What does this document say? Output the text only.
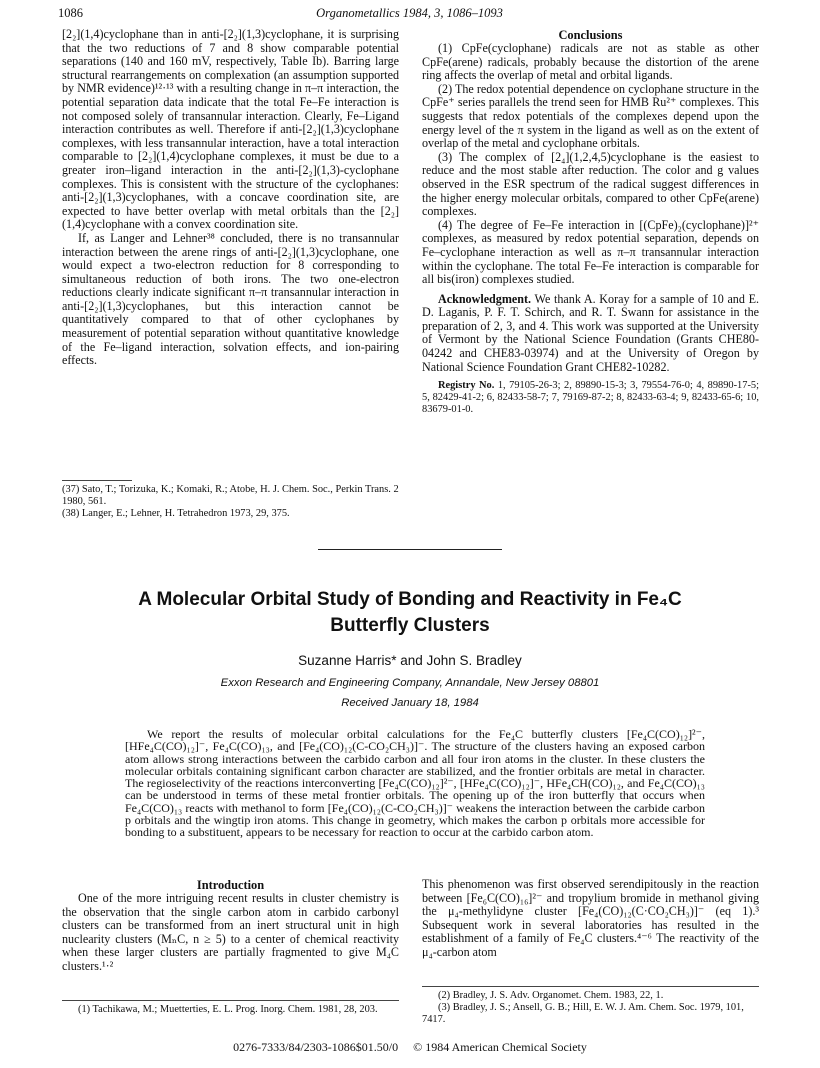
1086	Organometallics 1984, 3, 1086–1093

[2₂](1,4)cyclophane than in anti-[2₂](1,3)cyclophane, it is surprising that the two reductions of 7 and 8 show comparable potential separations (140 and 160 mV, respectively, Table Ib). Barring large structural rearrangements on complexation (an assumption supported by NMR evidence)¹²·¹³ with a resulting change in π–π interaction, the potential separation data indicate that the total Fe–Fe interaction is not composed solely of transannular interaction. Clearly, Fe–Ligand interaction contributes as well. Therefore if anti-[2₂](1,3)cyclophane complexes, with less transannular interaction, have a total interaction comparable to [2₂](1,4)cyclophane complexes, it must be due to a greater iron–ligand interaction in the anti-[2₂](1,3)-cyclophane complexes. This is consistent with the structure of the cyclophanes: anti-[2₂](1,3)cyclophanes, with a concave coordination site, are expected to have better overlap with metal orbitals than the [2₂](1,4)cyclophane with a convex coordination site.

If, as Langer and Lehner³⁸ concluded, there is no transannular interaction between the arene rings of anti-[2₂](1,3)cyclophane, one would expect a two-electron reduction for 8 corresponding to simultaneous reduction of both irons. The two one-electron reductions clearly indicate significant π–π transannular interaction in anti-[2₂](1,3)cyclophanes, but this interaction cannot be quantitatively compared to that of other cyclophanes by measurement of potential separation without quantitative knowledge of the Fe–ligand interaction, solvation effects, and ion-pairing effects.

(37) Sato, T.; Torizuka, K.; Komaki, R.; Atobe, H. J. Chem. Soc., Perkin Trans. 2 1980, 561.
(38) Langer, E.; Lehner, H. Tetrahedron 1973, 29, 375.

Conclusions

(1) CpFe(cyclophane) radicals are not as stable as other CpFe(arene) radicals, probably because the distortion of the arene ring affects the overlap of metal and orbital ligands.

(2) The redox potential dependence on cyclophane structure in the CpFe⁺ series parallels the trend seen for HMB Ru²⁺ complexes. This suggests that redox potentials of the complexes depend upon the energy level of the π system in the ligand as well as on the extent of overlap of the metal and cyclophane orbitals.

(3) The complex of [2₄](1,2,4,5)cyclophane is the easiest to reduce and the most stable after reduction. The color and g values observed in the ESR spectrum of the radical suggest differences in the higher energy molecular orbitals, compared to other CpFe(arene) complexes.

(4) The degree of Fe–Fe interaction in [(CpFe)₂(cyclophane)]²⁺ complexes, as measured by redox potential separation, depends on Fe–cyclophane interaction as well as π–π transannular interaction within the cyclophane. The total Fe–Fe interaction is comparable for all bis(iron) complexes studied.

Acknowledgment. We thank A. Koray for a sample of 10 and E. D. Laganis, P. F. T. Schirch, and R. T. Swann for assistance in the preparation of 2, 3, and 4. This work was supported at the University of Vermont by the National Science Foundation (Grants CHE80-04242 and CHE83-03974) and at the University of Oregon by National Science Foundation Grant CHE82-10282.

Registry No. 1, 79105-26-3; 2, 89890-15-3; 3, 79554-76-0; 4, 89890-17-5; 5, 82429-41-2; 6, 82433-58-7; 7, 79169-87-2; 8, 82433-63-4; 9, 82433-65-6; 10, 83679-01-0.

A Molecular Orbital Study of Bonding and Reactivity in Fe₄C
Butterfly Clusters
Suzanne Harris* and John S. Bradley
Exxon Research and Engineering Company, Annandale, New Jersey 08801
Received January 18, 1984
We report the results of molecular orbital calculations for the Fe₄C butterfly clusters [Fe₄C(CO)₁₂]²⁻, [HFe₄C(CO)₁₂]⁻, Fe₄C(CO)₁₃, and [Fe₄(CO)₁₂(C-CO₂CH₃)]⁻. The structure of the clusters having an exposed carbon atom allows strong interactions between the carbido carbon and all four iron atoms in the cluster. In these clusters the molecular orbitals containing significant carbon character are stabilized, and the frontier orbitals are metal in character. The regioselectivity of the reactions interconverting [Fe₄C(CO)₁₂]²⁻, [HFe₄C(CO)₁₂]⁻, HFe₄CH(CO)₁₂, and Fe₄C(CO)₁₃ can be understood in terms of these metal frontier orbitals. The opening up of the iron butterfly that occurs when Fe₄C(CO)₁₃ reacts with methanol to form [Fe₄(CO)₁₂(C-CO₂CH₃)]⁻ weakens the interaction between the carbide carbon p orbitals and the wingtip iron atoms. This change in geometry, which makes the carbon p orbitals more accessible for bonding to a substituent, appears to be necessary for reaction to occur at the carbido carbon atom.

Introduction

One of the more intriguing recent results in cluster chemistry is the observation that the single carbon atom in carbido carbonyl clusters can be transformed from an inert structural unit in high nuclearity clusters (MₙC, n ≥ 5) to a center of chemical reactivity when these larger clusters are partially fragmented to give M₄C clusters.¹·²

This phenomenon was first observed serendipitously in the reaction between [Fe₆C(CO)₁₆]²⁻ and tropylium bromide in methanol giving the μ₄-methylidyne cluster [Fe₄(CO)₁₂(C·CO₂CH₃)]⁻ (eq 1).³ Subsequent work in several laboratories has resulted in the establishment of a family of Fe₄C clusters.⁴⁻⁶ The reactivity of the μ₄-carbon atom

(1) Tachikawa, M.; Muetterties, E. L. Prog. Inorg. Chem. 1981, 28, 203.
(2) Bradley, J. S. Adv. Organomet. Chem. 1983, 22, 1.
(3) Bradley, J. S.; Ansell, G. B.; Hill, E. W. J. Am. Chem. Soc. 1979, 101, 7417.
0276-7333/84/2303-1086$01.50/0 © 1984 American Chemical Society
